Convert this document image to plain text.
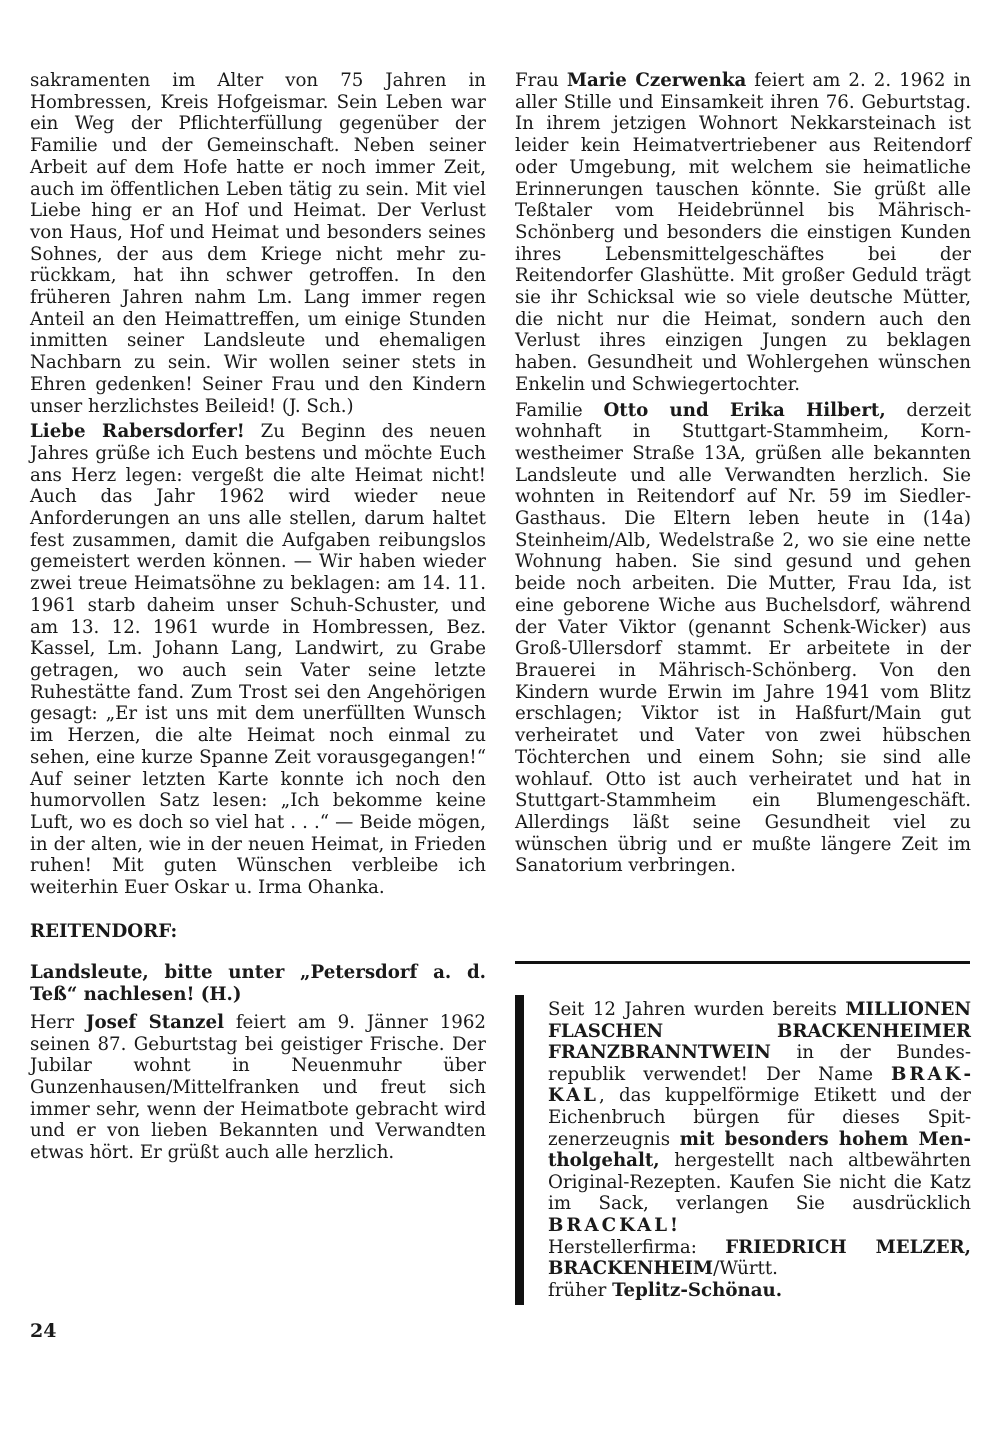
sakramenten im Alter von 75 Jahren in Hombressen, Kreis Hofgeismar. Sein Leben war ein Weg der Pflichterfüllung gegenüber der Familie und der Gemeinschaft. Neben seiner Arbeit auf dem Hofe hatte er noch immer Zeit, auch im öffentlichen Leben tätig zu sein. Mit viel Liebe hing er an Hof und Heimat. Der Verlust von Haus, Hof und Heimat und besonders seines Sohnes, der aus dem Kriege nicht mehr zurückkam, hat ihn schwer getroffen. In den früheren Jahren nahm Lm. Lang immer regen Anteil an den Heimattreffen, um einige Stunden inmitten seiner Landsleute und ehemaligen Nachbarn zu sein. Wir wollen seiner stets in Ehren gedenken! Seiner Frau und den Kindern unser herzlichstes Beileid! (J. Sch.)

Liebe Rabersdorfer! Zu Beginn des neuen Jahres grüße ich Euch bestens und möchte Euch ans Herz legen: vergeßt die alte Heimat nicht! Auch das Jahr 1962 wird wieder neue Anforderungen an uns alle stellen, darum haltet fest zusammen, damit die Aufgaben reibungslos gemeistert werden können. — Wir haben wieder zwei treue Heimatsöhne zu beklagen: am 14. 11. 1961 starb daheim unser Schuh-Schuster, und am 13. 12. 1961 wurde in Hombressen, Bez. Kassel, Lm. Johann Lang, Landwirt, zu Grabe getragen, wo auch sein Vater seine letzte Ruhestätte fand. Zum Trost sei den Angehörigen gesagt: „Er ist uns mit dem unerfüllten Wunsch im Herzen, die alte Heimat noch einmal zu sehen, eine kurze Spanne Zeit vorausgegangen!“ Auf seiner letzten Karte konnte ich noch den humorvollen Satz lesen: „Ich bekomme keine Luft, wo es doch so viel hat . . .“ — Beide mögen, in der alten, wie in der neuen Heimat, in Frieden ruhen! Mit guten Wünschen verbleibe ich weiterhin Euer Oskar u. Irma Ohanka.

REITENDORF:

Landsleute, bitte unter „Petersdorf a. d. Teß“ nachlesen! (H.)

Herr Josef Stanzel feiert am 9. Jänner 1962 seinen 87. Geburtstag bei geistiger Frische. Der Jubilar wohnt in Neuenmuhr über Gunzenhausen/Mittelfranken und freut sich immer sehr, wenn der Heimatbote gebracht wird und er von lieben Bekannten und Verwandten etwas hört. Er grüßt auch alle herzlich.

Frau Marie Czerwenka feiert am 2. 2. 1962 in aller Stille und Einsamkeit ihren 76. Geburtstag. In ihrem jetzigen Wohnort Nekkarsteinach ist leider kein Heimatvertriebener aus Reitendorf oder Umgebung, mit welchem sie heimatliche Erinnerungen tauschen könnte. Sie grüßt alle Teßtaler vom Heidebrünnel bis Mährisch-Schönberg und besonders die einstigen Kunden ihres Lebensmittelgeschäftes bei der Reitendorfer Glashütte. Mit großer Geduld trägt sie ihr Schicksal wie so viele deutsche Mütter, die nicht nur die Heimat, sondern auch den Verlust ihres einzigen Jungen zu beklagen haben. Gesundheit und Wohlergehen wünschen Enkelin und Schwiegertochter.

Familie Otto und Erika Hilbert, derzeit wohnhaft in Stuttgart-Stammheim, Kornwestheimer Straße 13A, grüßen alle bekannten Landsleute und alle Verwandten herzlich. Sie wohnten in Reitendorf auf Nr. 59 im Siedler-Gasthaus. Die Eltern leben heute in (14a) Steinheim/Alb, Wedelstraße 2, wo sie eine nette Wohnung haben. Sie sind gesund und gehen beide noch arbeiten. Die Mutter, Frau Ida, ist eine geborene Wiche aus Buchelsdorf, während der Vater Viktor (genannt Schenk-Wicker) aus Groß-Ullersdorf stammt. Er arbeitete in der Brauerei in Mährisch-Schönberg. Von den Kindern wurde Erwin im Jahre 1941 vom Blitz erschlagen; Viktor ist in Haßfurt/Main gut verheiratet und Vater von zwei hübschen Töchterchen und einem Sohn; sie sind alle wohlauf. Otto ist auch verheiratet und hat in Stuttgart-Stammheim ein Blumengeschäft. Allerdings läßt seine Gesundheit viel zu wünschen übrig und er mußte längere Zeit im Sanatorium verbringen.

Seit 12 Jahren wurden bereits MILLIONEN FLASCHEN BRACKENHEIMER FRANZBRANNTWEIN in der Bundesrepublik verwendet! Der Name BRAKKAL, das kuppelförmige Etikett und der Eichenbruch bürgen für dieses Spitzenerzeugnis mit besonders hohem Mentholgehalt, hergestellt nach altbewährten Original-Rezepten. Kaufen Sie nicht die Katz im Sack, verlangen Sie ausdrücklich BRACKAL!

Herstellerfirma: FRIEDRICH MELZER, BRACKENHEIM/Württ.

früher Teplitz-Schönau.

24
